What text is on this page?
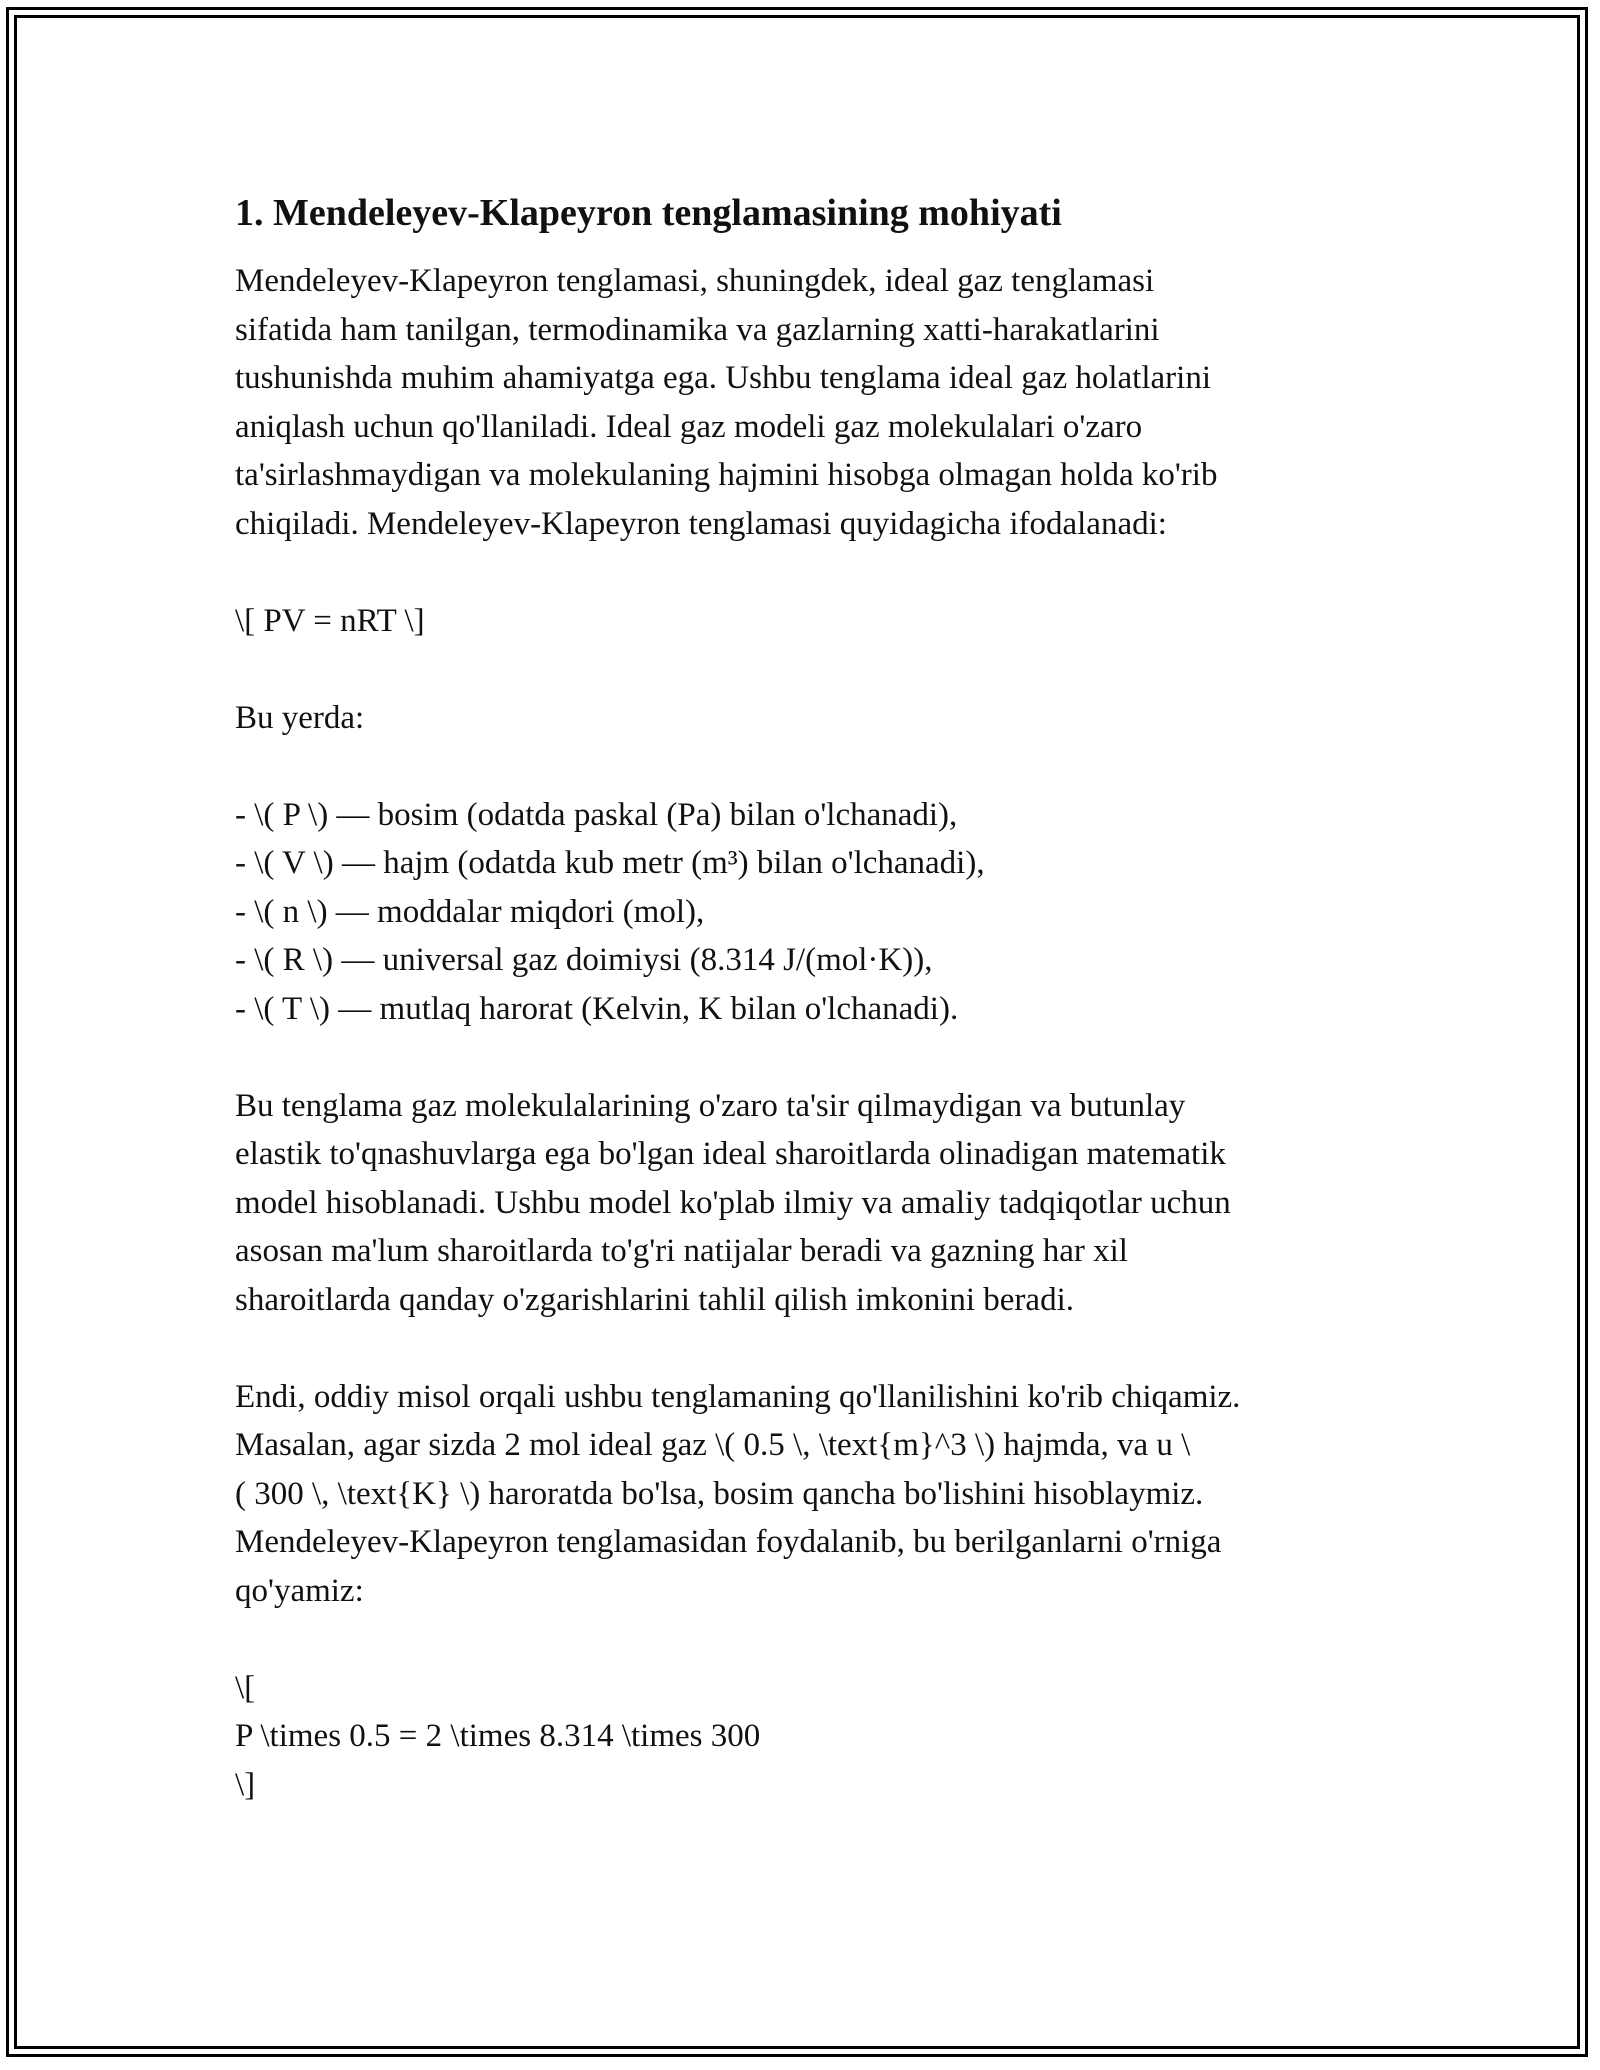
1. Mendeleyev-Klapeyron tenglamasining mohiyati
Mendeleyev-Klapeyron tenglamasi, shuningdek, ideal gaz tenglamasi
sifatida ham tanilgan, termodinamika va gazlarning xatti-harakatlarini
tushunishda muhim ahamiyatga ega. Ushbu tenglama ideal gaz holatlarini
aniqlash uchun qo'llaniladi. Ideal gaz modeli gaz molekulalari o'zaro
ta'sirlashmaydigan va molekulaning hajmini hisobga olmagan holda ko'rib
chiqiladi. Mendeleyev-Klapeyron tenglamasi quyidagicha ifodalanadi:

\[ PV = nRT \]

Bu yerda:

- \( P \) — bosim (odatda paskal (Pa) bilan o'lchanadi),
- \( V \) — hajm (odatda kub metr (m³) bilan o'lchanadi),
- \( n \) — moddalar miqdori (mol),
- \( R \) — universal gaz doimiysi (8.314 J/(mol·K)),
- \( T \) — mutlaq harorat (Kelvin, K bilan o'lchanadi).
Bu tenglama gaz molekulalarining o'zaro ta'sir qilmaydigan va butunlay
elastik to'qnashuvlarga ega bo'lgan ideal sharoitlarda olinadigan matematik
model hisoblanadi. Ushbu model ko'plab ilmiy va amaliy tadqiqotlar uchun
asosan ma'lum sharoitlarda to'g'ri natijalar beradi va gazning har xil
sharoitlarda qanday o'zgarishlarini tahlil qilish imkonini beradi.
Endi, oddiy misol orqali ushbu tenglamaning qo'llanilishini ko'rib chiqamiz.
Masalan, agar sizda 2 mol ideal gaz \( 0.5 \, \text{m}^3 \) hajmda, va u \
( 300 \, \text{K} \) haroratda bo'lsa, bosim qancha bo'lishini hisoblaymiz.
Mendeleyev-Klapeyron tenglamasidan foydalanib, bu berilganlarni o'rniga
qo'yamiz:
\[
P \times 0.5 = 2 \times 8.314 \times 300
\]
